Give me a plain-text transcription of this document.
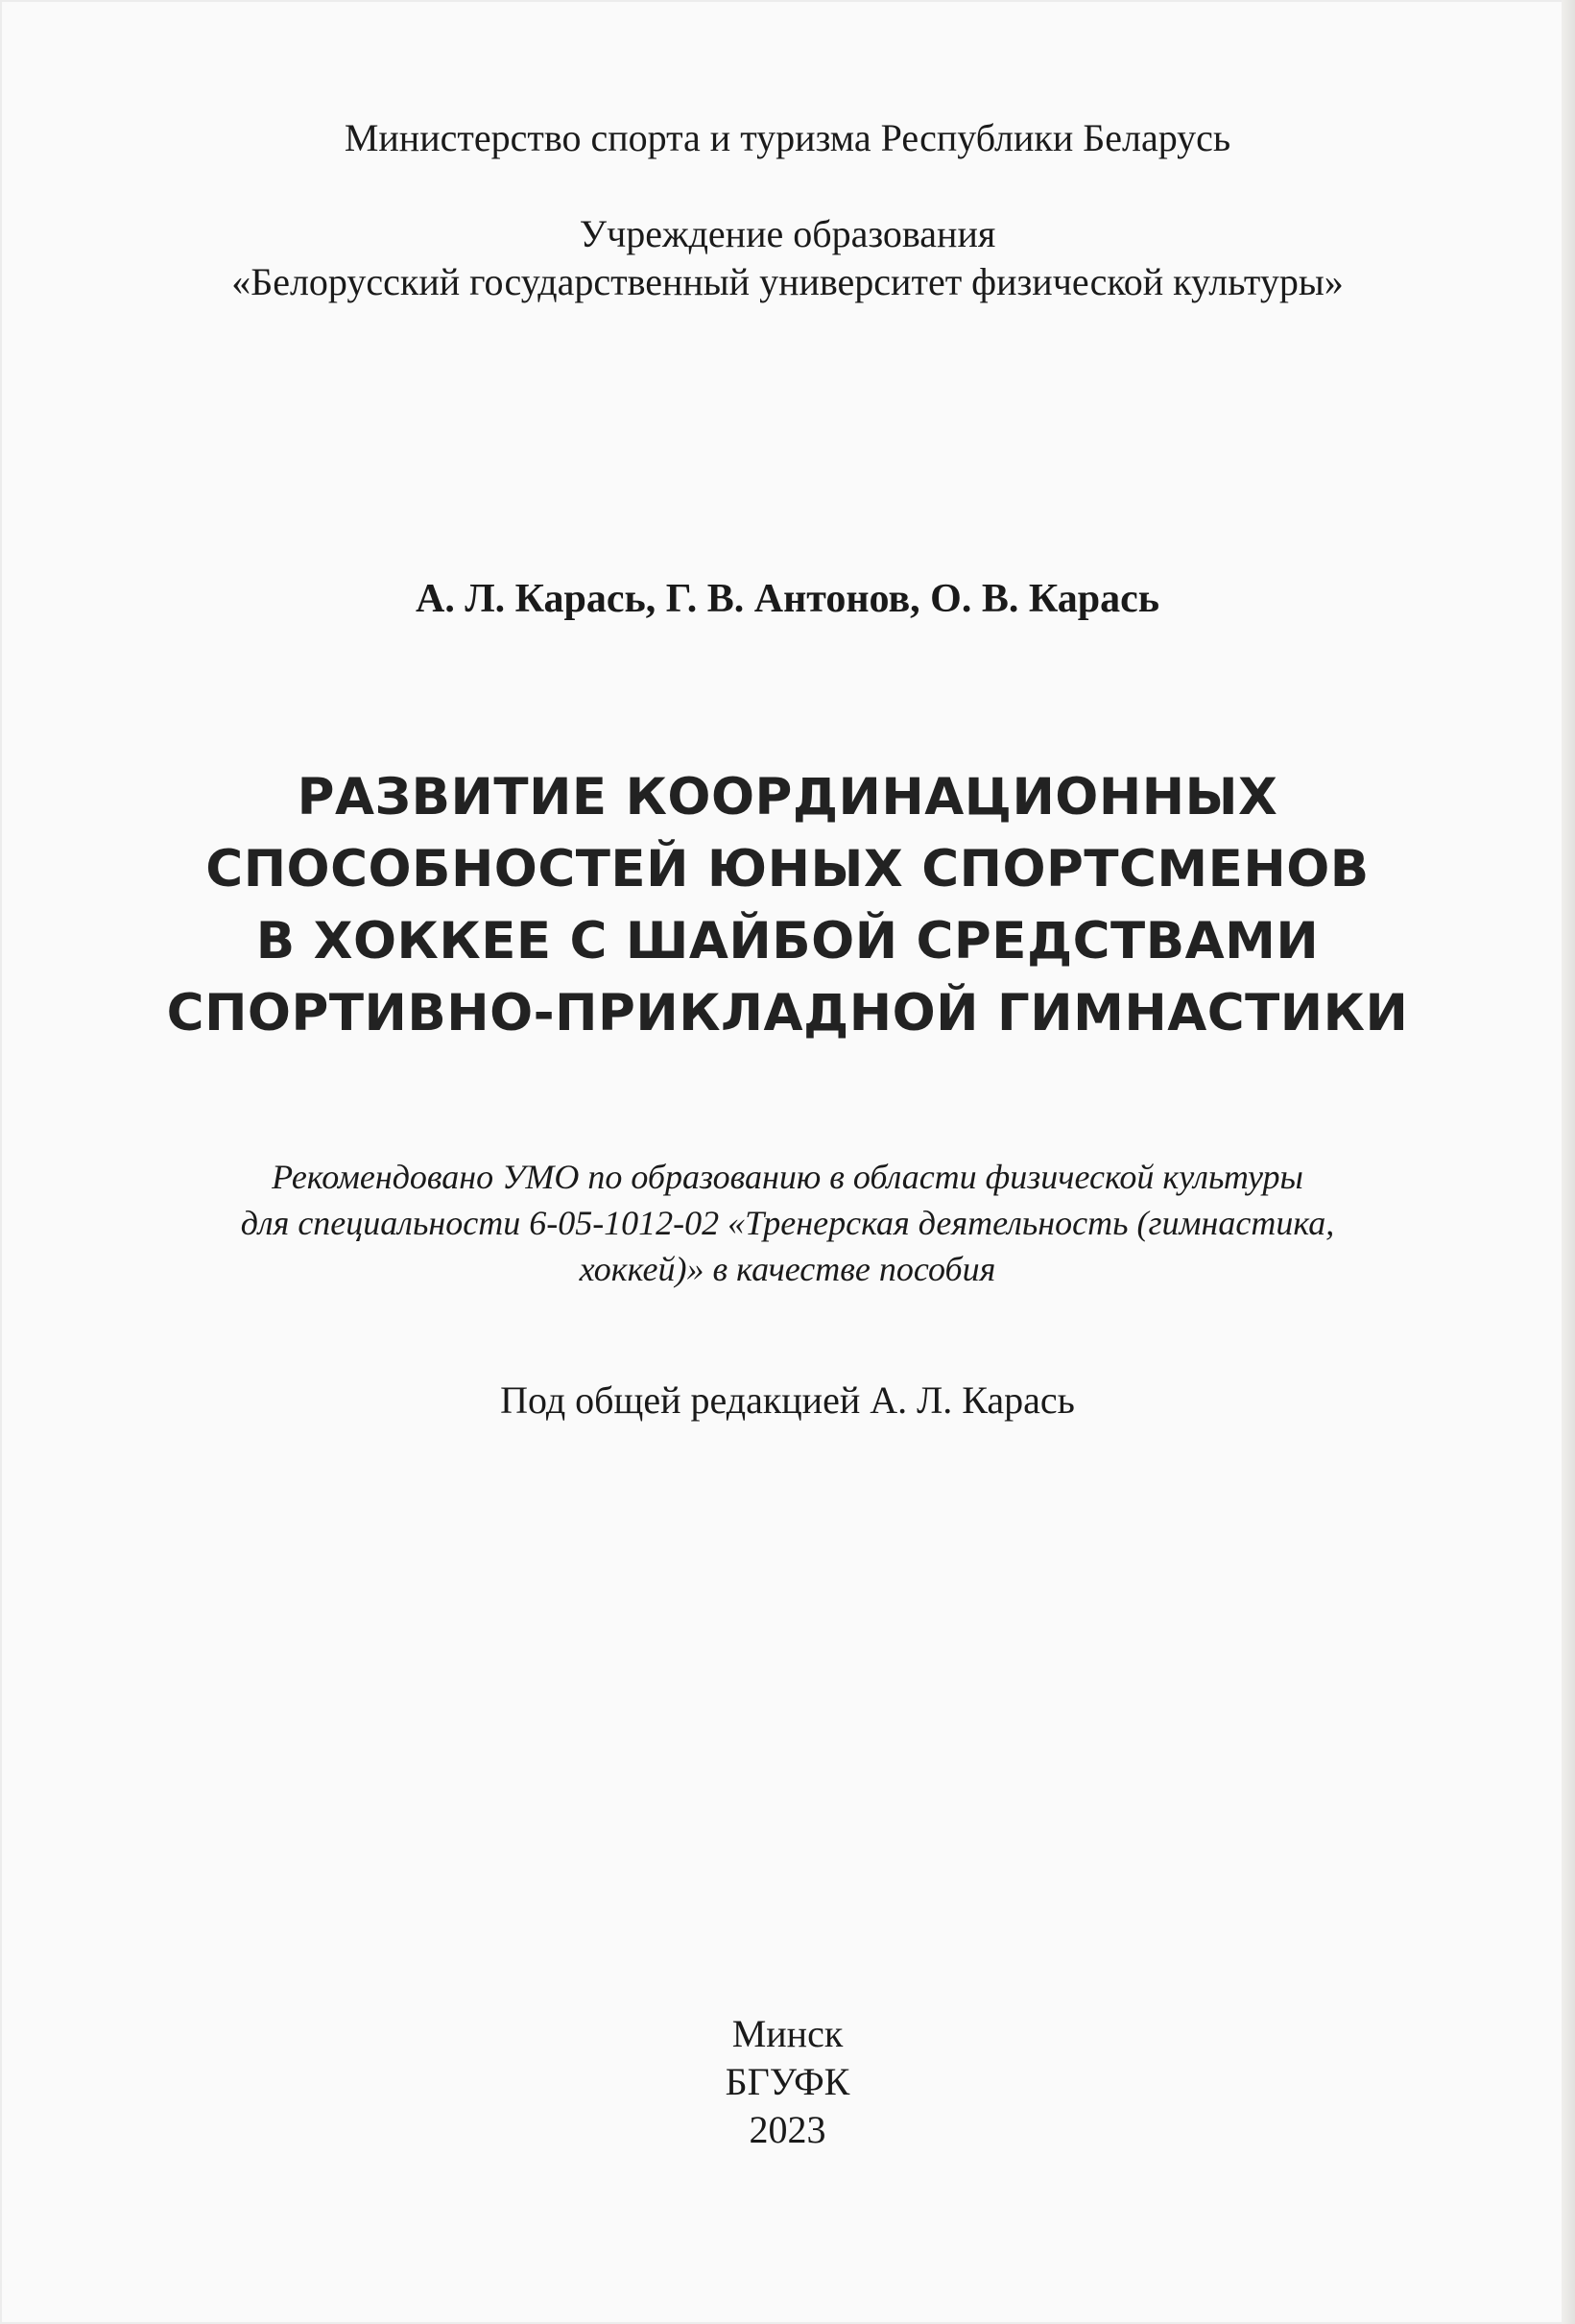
Министерство спорта и туризма Республики Беларусь
Учреждение образования
«Белорусский государственный университет физической культуры»
А. Л. Карась, Г. В. Антонов, О. В. Карась
РАЗВИТИЕ КООРДИНАЦИОННЫХ
СПОСОБНОСТЕЙ ЮНЫХ СПОРТСМЕНОВ
В ХОККЕЕ С ШАЙБОЙ СРЕДСТВАМИ
СПОРТИВНО-ПРИКЛАДНОЙ ГИМНАСТИКИ
Рекомендовано УМО по образованию в области физической культуры
для специальности 6-05-1012-02 «Тренерская деятельность (гимнастика,
хоккей)» в качестве пособия
Под общей редакцией А. Л. Карась
Минск
БГУФК
2023
